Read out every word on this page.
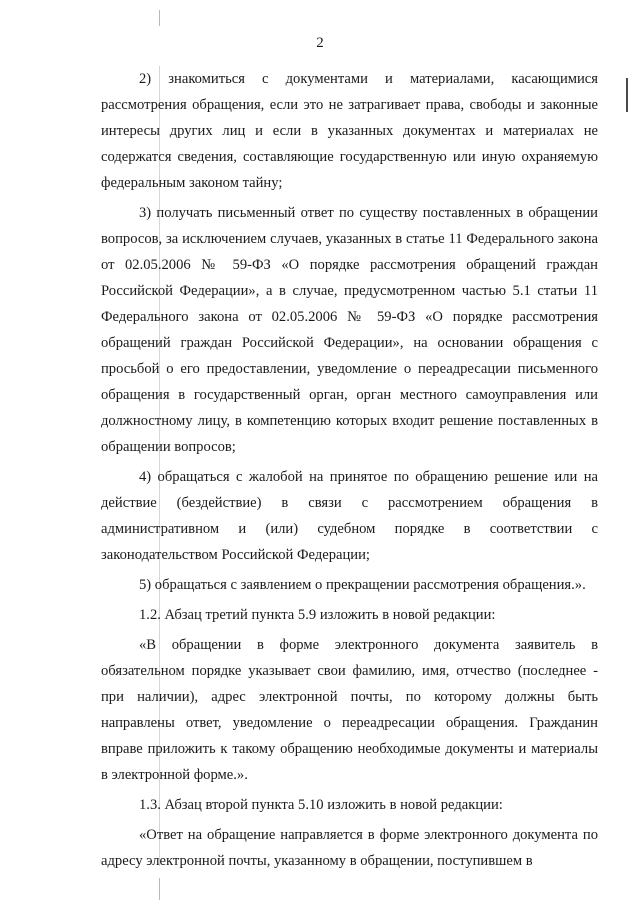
2

2) знакомиться с документами и материалами, касающимися рассмотрения обращения, если это не затрагивает права, свободы и законные интересы других лиц и если в указанных документах и материалах не содержатся сведения, составляющие государственную или иную охраняемую федеральным законом тайну;

3) получать письменный ответ по существу поставленных в обращении вопросов, за исключением случаев, указанных в статье 11 Федерального закона от 02.05.2006 № 59-ФЗ «О порядке рассмотрения обращений граждан Российской Федерации», а в случае, предусмотренном частью 5.1 статьи 11 Федерального закона от 02.05.2006 № 59-ФЗ «О порядке рассмотрения обращений граждан Российской Федерации», на основании обращения с просьбой о его предоставлении, уведомление о переадресации письменного обращения в государственный орган, орган местного самоуправления или должностному лицу, в компетенцию которых входит решение поставленных в обращении вопросов;

4) обращаться с жалобой на принятое по обращению решение или на действие (бездействие) в связи с рассмотрением обращения в административном и (или) судебном порядке в соответствии с законодательством Российской Федерации;

5) обращаться с заявлением о прекращении рассмотрения обращения.».

1.2. Абзац третий пункта 5.9 изложить в новой редакции:

«В обращении в форме электронного документа заявитель в обязательном порядке указывает свои фамилию, имя, отчество (последнее - при наличии), адрес электронной почты, по которому должны быть направлены ответ, уведомление о переадресации обращения. Гражданин вправе приложить к такому обращению необходимые документы и материалы в электронной форме.».

1.3. Абзац второй пункта 5.10 изложить в новой редакции:

«Ответ на обращение направляется в форме электронного документа по адресу электронной почты, указанному в обращении, поступившем в
